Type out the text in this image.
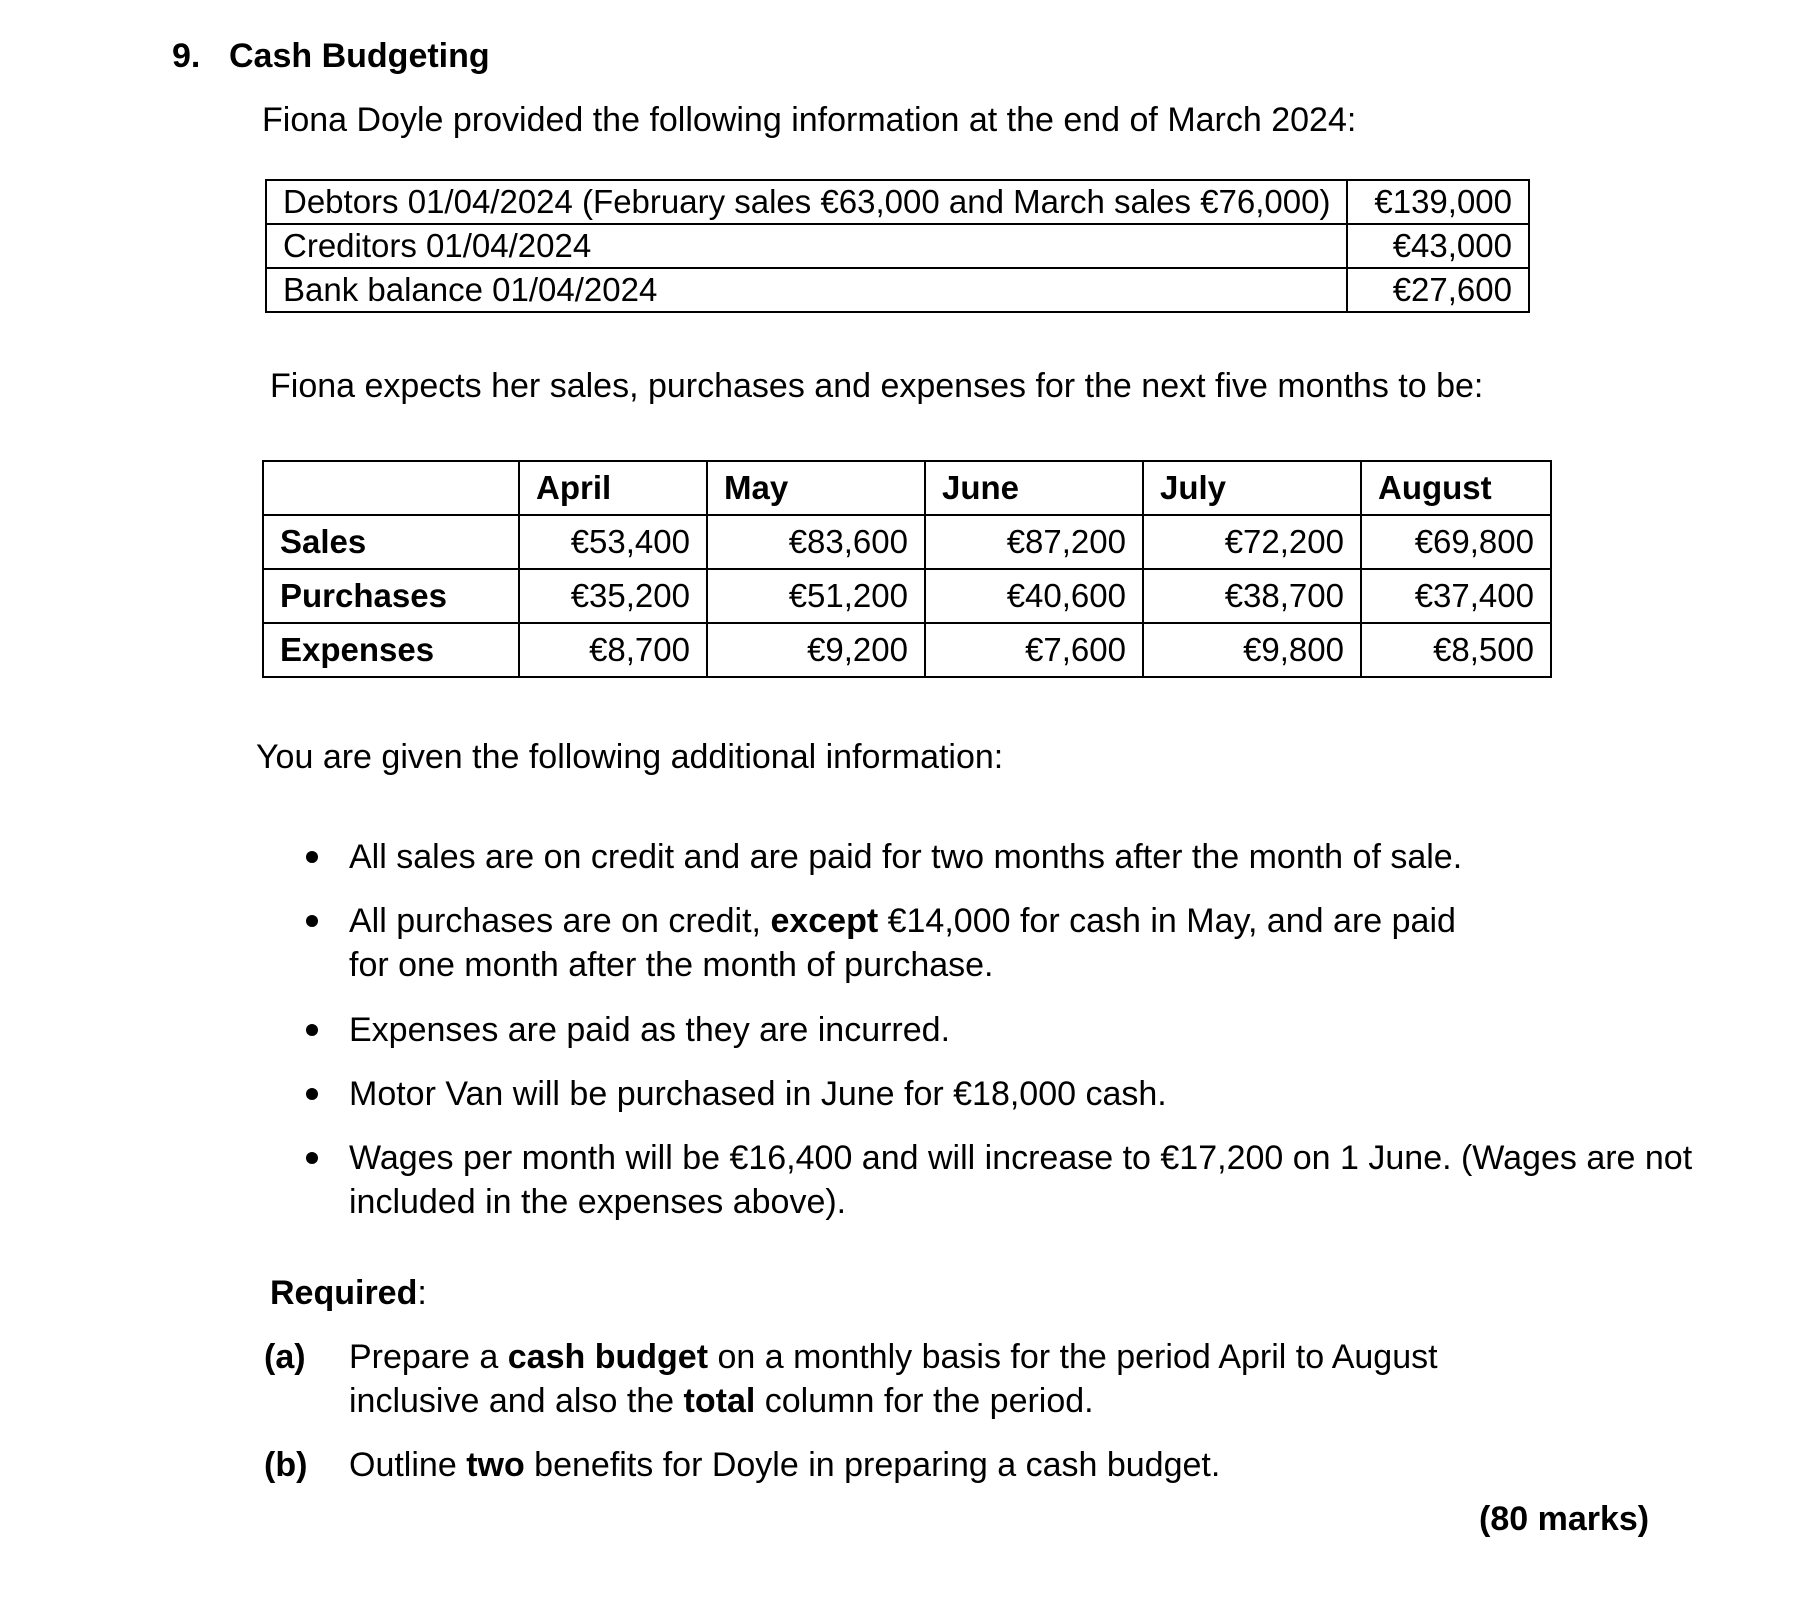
9. Cash Budgeting
Fiona Doyle provided the following information at the end of March 2024:
Debtors 01/04/2024 (February sales €63,000 and March sales €76,000)	€139,000
Creditors 01/04/2024	€43,000
Bank balance 01/04/2024	€27,600
Fiona expects her sales, purchases and expenses for the next five months to be:
	April	May	June	July	August
Sales	€53,400	€83,600	€87,200	€72,200	€69,800
Purchases	€35,200	€51,200	€40,600	€38,700	€37,400
Expenses	€8,700	€9,200	€7,600	€9,800	€8,500
You are given the following additional information:
All sales are on credit and are paid for two months after the month of sale.
All purchases are on credit, except €14,000 for cash in May, and are paid
for one month after the month of purchase.
Expenses are paid as they are incurred.
Motor Van will be purchased in June for €18,000 cash.
Wages per month will be €16,400 and will increase to €17,200 on 1 June. (Wages are not
included in the expenses above).
Required:
(a) Prepare a cash budget on a monthly basis for the period April to August
inclusive and also the total column for the period.
(b) Outline two benefits for Doyle in preparing a cash budget.
(80 marks)
